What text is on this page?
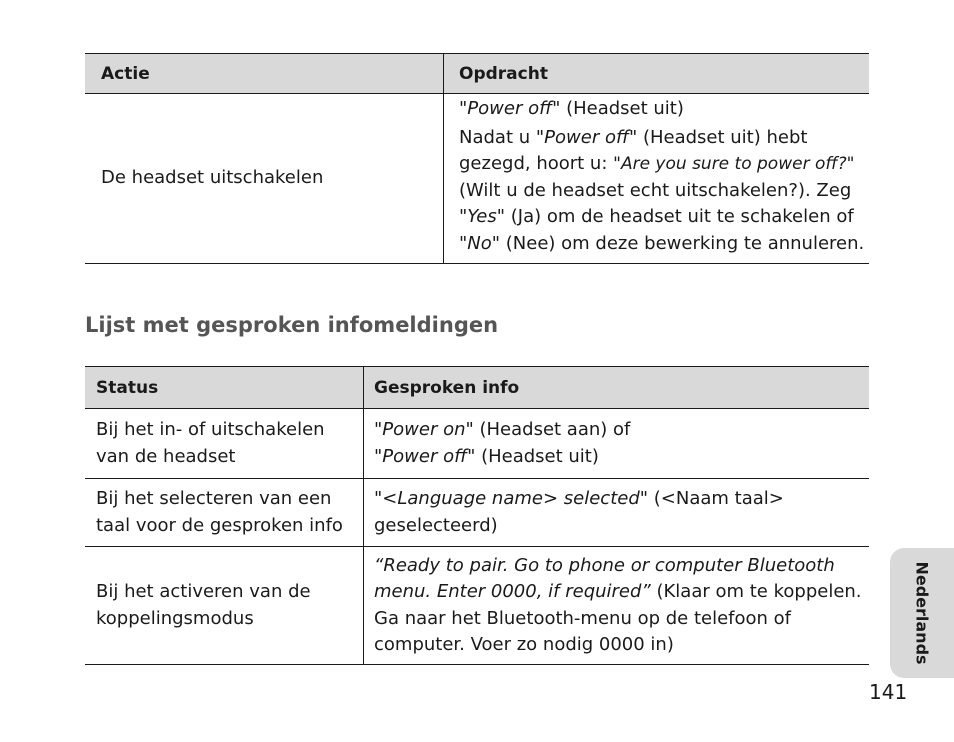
Actie	Opdracht
De headset uitschakelen	"Power off" (Headset uit)

Nadat u "Power off" (Headset uit) hebt gezegd, hoort u: "Are you sure to power off?" (Wilt u de headset echt uitschakelen?). Zeg "Yes" (Ja) om de headset uit te schakelen of "No" (Nee) om deze bewerking te annuleren.

Lijst met gesproken infomeldingen
Status	Gesproken info
Bij het in- of uitschakelen van de headset	"Power on" (Headset aan) of
"Power off" (Headset uit)

Bij het selecteren van een taal voor de gesproken info	"<Language name> selected" (<Naam taal> geselecteerd)
Bij het activeren van de koppelingsmodus	“Ready to pair. Go to phone or computer Bluetooth menu. Enter 0000, if required” (Klaar om te koppelen. Ga naar het Bluetooth-menu op de telefoon of computer. Voer zo nodig 0000 in)	Nederlands
141
